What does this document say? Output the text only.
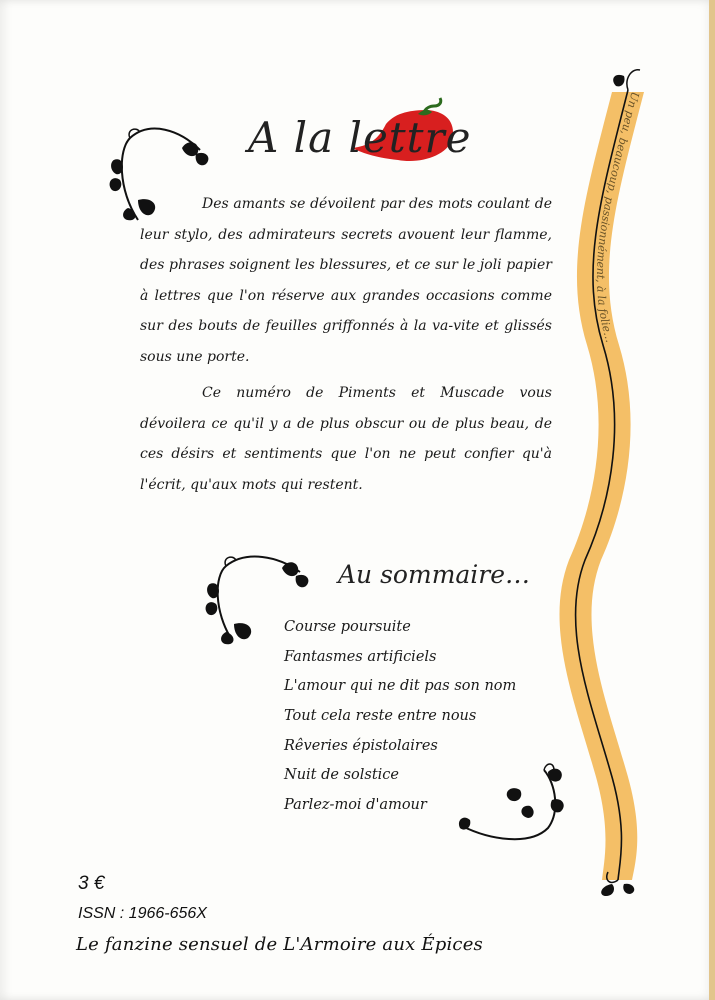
Un peu, beaucoup, passionnément, à la folie…
A la lettre

Des amants se dévoilent par des mots coulant de leur stylo, des admirateurs secrets avouent leur flamme, des phrases soignent les blessures, et ce sur le joli papier à lettres que l'on réserve aux grandes occasions comme sur des bouts de feuilles griffonnés à la va-vite et glissés sous une porte.

Ce numéro de Piments et Muscade vous dévoilera ce qu'il y a de plus obscur ou de plus beau, de ces désirs et sentiments que l'on ne peut confier qu'à l'écrit, qu'aux mots qui restent.

Au sommaire…
Course poursuite
Fantasmes artificiels
L'amour qui ne dit pas son nom
Tout cela reste entre nous
Rêveries épistolaires
Nuit de solstice
Parlez-moi d'amour
3 €
ISSN : 1966-656X
Le fanzine sensuel de L'Armoire aux Épices
